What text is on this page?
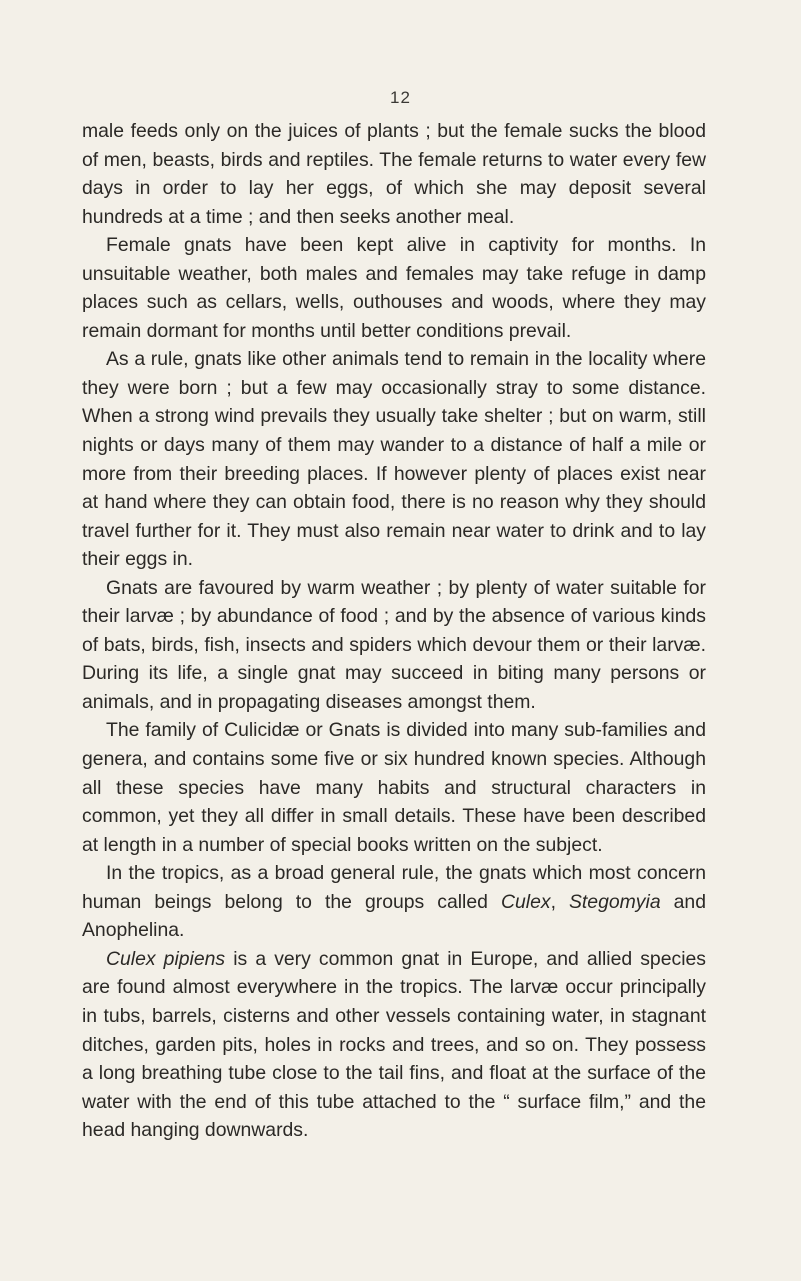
12

male feeds only on the juices of plants ; but the female sucks the blood of men, beasts, birds and reptiles. The female returns to water every few days in order to lay her eggs, of which she may deposit several hundreds at a time ; and then seeks another meal.

Female gnats have been kept alive in captivity for months. In unsuitable weather, both males and females may take refuge in damp places such as cellars, wells, outhouses and woods, where they may remain dormant for months until better conditions prevail.

As a rule, gnats like other animals tend to remain in the locality where they were born ; but a few may occasionally stray to some distance. When a strong wind prevails they usually take shelter ; but on warm, still nights or days many of them may wander to a distance of half a mile or more from their breeding places. If however plenty of places exist near at hand where they can obtain food, there is no reason why they should travel further for it. They must also remain near water to drink and to lay their eggs in.

Gnats are favoured by warm weather ; by plenty of water suitable for their larvæ ; by abundance of food ; and by the absence of various kinds of bats, birds, fish, insects and spiders which devour them or their larvæ. During its life, a single gnat may succeed in biting many persons or animals, and in propagating diseases amongst them.

The family of Culicidæ or Gnats is divided into many sub-families and genera, and contains some five or six hundred known species. Although all these species have many habits and structural characters in common, yet they all differ in small details. These have been described at length in a number of special books written on the subject.

In the tropics, as a broad general rule, the gnats which most concern human beings belong to the groups called Culex, Stegomyia and Anophelina.

Culex pipiens is a very common gnat in Europe, and allied species are found almost everywhere in the tropics. The larvæ occur principally in tubs, barrels, cisterns and other vessels containing water, in stagnant ditches, garden pits, holes in rocks and trees, and so on. They possess a long breathing tube close to the tail fins, and float at the surface of the water with the end of this tube attached to the “ surface film,” and the head hanging downwards.
